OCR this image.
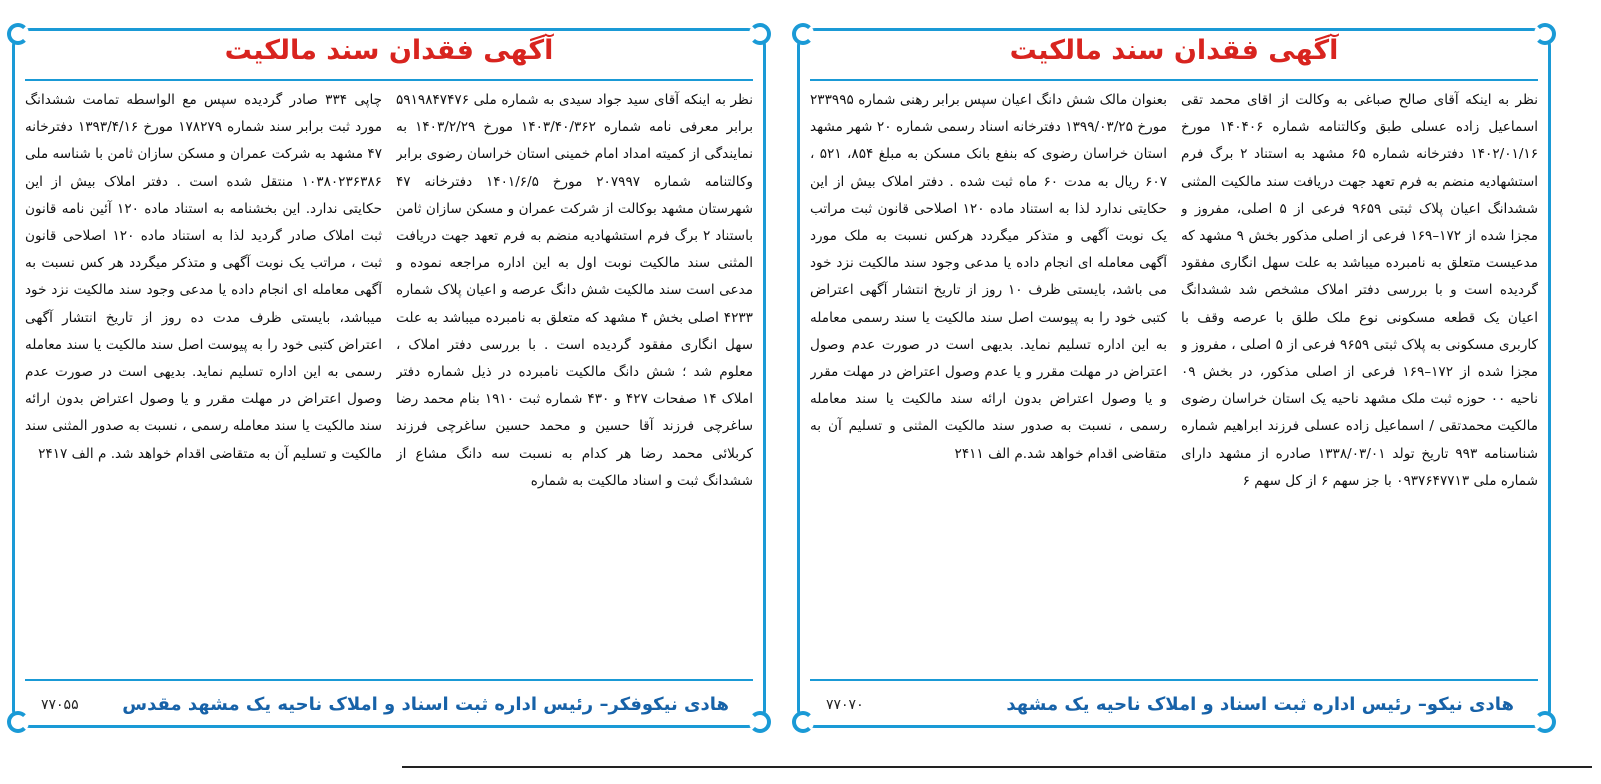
آگهی فقدان سند مالکیت
نظر به اینکه آقای سید جواد سیدی به شماره ملی ۵۹۱۹۸۴۷۴۷۶ برابر معرفی نامه شماره ۱۴۰۳/۴۰/۳۶۲ مورخ ۱۴۰۳/۲/۲۹ به نمایندگی از کمیته امداد امام خمینی استان خراسان رضوی برابر وکالتنامه شماره ۲۰۷۹۹۷ مورخ ۱۴۰۱/۶/۵ دفترخانه ۴۷ شهرستان مشهد بوکالت از شرکت عمران و مسکن سازان ثامن باستناد ۲ برگ فرم استشهادیه منضم به فرم تعهد جهت دریافت المثنی سند مالکیت نوبت اول به این اداره مراجعه نموده و مدعی است سند مالکیت شش دانگ عرصه و اعیان پلاک شماره ۴۲۳۳ اصلی بخش ۴ مشهد که متعلق به نامبرده میباشد به علت سهل انگاری مفقود گردیده است . با بررسی دفتر املاک ، معلوم شد ؛ شش دانگ مالکیت نامبرده در ذیل شماره دفتر املاک ۱۴ صفحات ۴۲۷ و ۴۳۰ شماره ثبت ۱۹۱۰ بنام محمد رضا ساغرچی فرزند آقا حسین و محمد حسین ساغرچی فرزند کربلائی محمد رضا هر کدام به نسبت سه دانگ مشاع از ششدانگ ثبت و اسناد مالکیت به شماره
چاپی ۳۳۴ صادر گردیده سپس مع الواسطه تمامت ششدانگ مورد ثبت برابر سند شماره ۱۷۸۲۷۹ مورخ ۱۳۹۳/۴/۱۶ دفترخانه ۴۷ مشهد به شرکت عمران و مسکن سازان ثامن با شناسه ملی ۱۰۳۸۰۲۳۶۳۸۶ منتقل شده است . دفتر املاک بیش از این حکایتی ندارد. این بخشنامه به استناد ماده ۱۲۰ آئین نامه قانون ثبت املاک صادر گردید لذا به استناد ماده ۱۲۰ اصلاحی قانون ثبت ، مراتب یک نوبت آگهی و متذکر میگردد هر کس نسبت به آگهی معامله ای انجام داده یا مدعی وجود سند مالکیت نزد خود میباشد، بایستی ظرف مدت ده روز از تاریخ انتشار آگهی اعتراض کتبی خود را به پیوست اصل سند مالکیت یا سند معامله رسمی به این اداره تسلیم نماید. بدیهی است در صورت عدم وصول اعتراض در مهلت مقرر و یا وصول اعتراض بدون ارائه سند مالکیت یا سند معامله رسمی ، نسبت به صدور المثنی سند مالکیت و تسلیم آن به متقاضی اقدام خواهد شد. م الف ۲۴۱۷
هادی نیکوفکر– رئیس اداره ثبت اسناد و املاک ناحیه یک مشهد مقدس
۷۷۰۵۵
آگهی فقدان سند مالکیت
نظر به اینکه آقای صالح صباغی به وکالت از اقای محمد تقی اسماعیل زاده عسلی طبق وکالتنامه شماره ۱۴۰۴۰۶ مورخ ۱۴۰۲/۰۱/۱۶ دفترخانه شماره ۶۵ مشهد به استناد ۲ برگ فرم استشهادیه منضم به فرم تعهد جهت دریافت سند مالکیت المثنی ششدانگ اعیان پلاک ثبتی ۹۶۵۹ فرعی از ۵ اصلی، مفروز و مجزا شده از ۱۷۲–۱۶۹ فرعی از اصلی مذکور بخش ۹ مشهد که مدعیست متعلق به نامبرده میباشد به علت سهل انگاری مفقود گردیده است و با بررسی دفتر املاک مشخص شد ششدانگ اعیان یک قطعه مسکونی نوع ملک طلق با عرصه وقف با کاربری مسکونی به پلاک ثبتی ۹۶۵۹ فرعی از ۵ اصلی ، مفروز و مجزا شده از ۱۷۲–۱۶۹ فرعی از اصلی مذکور، در بخش ۰۹ ناحیه ۰۰ حوزه ثبت ملک مشهد ناحیه یک استان خراسان رضوی مالکیت محمدتقی / اسماعیل زاده عسلی فرزند ابراهیم شماره شناسنامه ۹۹۳ تاریخ تولد ۱۳۳۸/۰۳/۰۱ صادره از مشهد دارای شماره ملی ۰۹۳۷۶۴۷۷۱۳ با جز سهم ۶ از کل سهم ۶
بعنوان مالک شش دانگ اعیان سپس برابر رهنی شماره ۲۳۳۹۹۵ مورخ ۱۳۹۹/۰۳/۲۵ دفترخانه اسناد رسمی شماره ۲۰ شهر مشهد استان خراسان رضوی که بنفع بانک مسکن به مبلغ ۸۵۴، ۵۲۱ ، ۶۰۷ ریال به مدت ۶۰ ماه ثبت شده . دفتر املاک بیش از این حکایتی ندارد لذا به استناد ماده ۱۲۰ اصلاحی قانون ثبت مراتب یک نوبت آگهی و متذکر میگردد هرکس نسبت به ملک مورد آگهی معامله ای انجام داده یا مدعی وجود سند مالکیت نزد خود می باشد، بایستی ظرف ۱۰ روز از تاریخ انتشار آگهی اعتراض کتبی خود را به پیوست اصل سند مالکیت یا سند رسمی معامله به این اداره تسلیم نماید. بدیهی است در صورت عدم وصول اعتراض در مهلت مقرر و یا عدم وصول اعتراض در مهلت مقرر و یا وصول اعتراض بدون ارائه سند مالکیت یا سند معامله رسمی ، نسبت به صدور سند مالکیت المثنی و تسلیم آن به متقاضی اقدام خواهد شد.م الف ۲۴۱۱
هادی نیکو– رئیس اداره ثبت اسناد و املاک ناحیه یک مشهد
۷۷۰۷۰
